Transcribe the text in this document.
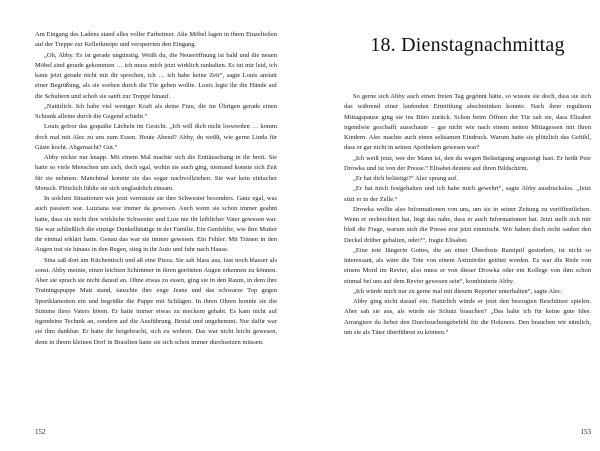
Am Eingang des Ladens stand alles voller Farbeimer. Alte Möbel lagen in ihren Einzelteilen auf der Treppe zur Kellerkneipe und versperrten den Eingang.

„Oh, Abby. Es ist gerade ungünstig. Weißt du, die Neueröffnung ist bald und die neuen Möbel sind gerade gekommen … ich muss mich jetzt wirklich ranhalten. Es tut mir leid, ich kann jetzt gerade nicht mit dir sprechen, ich … ich habe keine Zeit“, sagte Louis anstatt einer Begrüßung, als sie soeben durch die Tür gehen wollte. Louis legte ihr die Hände auf die Schultern und schob sie sanft zur Treppe hinauf.

„Natürlich. Ich habe viel weniger Kraft als deine Frau, die im Übrigen gerade einen Schrank alleine durch die Gegend schiebt.“

Louis gefror das gequälte Lächeln im Gesicht. „Ich will dich nicht loswerden … komm doch mal mit Alec zu uns zum Essen. Heute Abend? Abby, du weißt, wie gerne Linda für Gäste kocht. Abgemacht? Gut.“

Abby nickte nur knapp. Mit einem Mal machte sich die Enttäuschung in ihr breit. Sie hatte so viele Menschen um sich, doch egal, wohin sie auch ging, niemand konnte sich Zeit für sie nehmen. Manchmal konnte sie das sogar nachvollziehen. Sie war kein einfacher Mensch. Plötzlich fühlte sie sich unglaublich einsam.

In solchen Situationen wie jetzt vermisste sie ihre Schwester besonders. Ganz egal, was auch passiert war. Luiziana war immer da gewesen. Auch wenn sie schon immer geahnt hatte, dass sie nicht ihre wirkliche Schwester und Luiz nie ihr leiblicher Vater gewesen war. Sie war schließlich die einzige Dunkelhäutige in der Familie. Ein Genfehler, wie ihre Mutter ihr einmal erklärt hatte. Genau das war sie immer gewesen. Ein Fehler. Mit Tränen in den Augen trat sie hinaus in den Regen, stieg in ihr Auto und fuhr nach Hause.

Sina saß dort am Küchentisch und aß eine Pizza. Sie sah blass aus, fast noch blasser als sonst. Abby meinte, einen leichten Schimmer in ihren geröteten Augen erkennen zu können. Aber sie sprach sie nicht darauf an. Ohne etwas zu essen, ging sie in den Raum, in dem ihre Trainingspuppe Matt stand, tauschte ihre enge Jeans und das schwarze Top gegen Sportklamotten ein und begrüßte die Puppe mit Schlägen. In ihren Ohren konnte sie die Stimme ihres Vaters hören. Er hatte immer etwas zu meckern gehabt. Es kam nicht auf irgendeine Technik an, sondern auf die Ausführung. Brutal und ungehemmt. Nur dafür war sie ihm dankbar. Er hatte ihr beigebracht, sich zu wehren. Das war nicht leicht gewesen, denn in ihrem kleinen Dorf in Brasilien hatte sie sich schon immer durchsetzen müssen.

152
18. Dienstagnachmittag

So gerne sich Abby auch einen freien Tag gegönnt hätte, so wusste sie doch, dass sie sich das während einer laufenden Ermittlung abschminken konnte. Nach ihrer regulären Mittagspause ging sie ins Büro zurück. Schon beim Öffnen der Tür sah sie, dass Elisabet irgendwie geschafft ausschaute – gar nicht wie nach einem netten Mittagessen mit ihren Kindern. Alec machte auch einen seltsamen Eindruck. Warum hatte sie plötzlich das Gefühl, dass er gar nicht in seinen Apotheken gewesen war?

„Ich weiß jetzt, wer der Mann ist, den du wegen Belästigung angezeigt hast. Er heißt Pete Drowka und ist von der Presse.“ Elisabet deutete auf ihren Bildschirm.

„Er hat dich belästigt?“ Alec sprang auf.

„Er hat mich festgehalten und ich habe mich gewehrt“, sagte Abby ausdruckslos. „Jetzt sitzt er in der Zelle.“

Drowka wollte also Informationen von uns, um sie in seiner Zeitung zu veröffentlichen. Wenn er recherchiert hat, liegt das nahe, dass er auch Informationen hat. Jetzt stellt sich mir bloß die Frage, warum sich die Presse erst jetzt einmischt. Wir haben doch recht sauber den Deckel drüber gehalten, oder?“, fragte Elisabet.

„Eine tote Jüngerin Gottes, die an einer Überdosis Ramipril gestorben, ist nicht so interessant, als wäre die Tote von einem Axtmörder getötet worden. Es war die Rede von einem Mord im Revier, also muss er von dieser Drowka oder ein Kollege von ihm schon einmal bei uns auf dem Revier gewesen sein“, kombinierte Abby.

„Ich würde mich nur zu gerne mal mit diesem Reporter unterhalten“, sagte Alec.

Abby ging nicht darauf ein. Natürlich würde er jetzt den besorgten Beschützer spielen. Aber sah sie aus, als würde sie Schutz brauchen? „Das halte ich für keine gute Idee. Arrangiere du lieber den Durchsuchungsbefehl für die Holzners. Den brauchen wir nämlich, um sie als Täter überführen zu können.“

153
